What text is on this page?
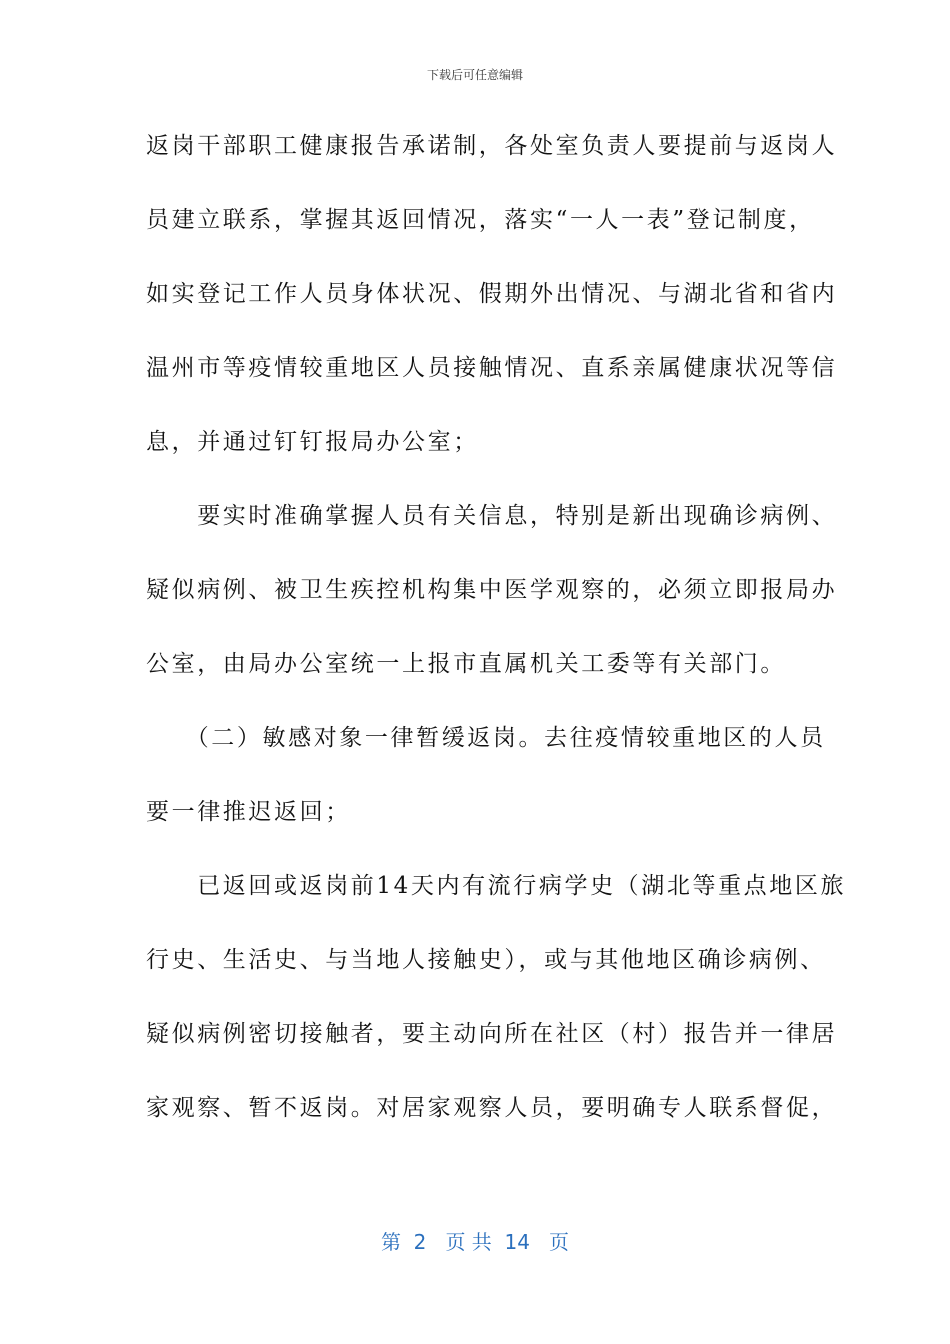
下载后可任意编辑
返岗干部职工健康报告承诺制，各处室负责人要提前与返岗人
员建立联系，掌握其返回情况，落实“一人一表”登记制度，
如实登记工作人员身体状况、假期外出情况、与湖北省和省内
温州市等疫情较重地区人员接触情况、直系亲属健康状况等信
息，并通过钉钉报局办公室；
　　要实时准确掌握人员有关信息，特别是新出现确诊病例、
疑似病例、被卫生疾控机构集中医学观察的，必须立即报局办
公室，由局办公室统一上报市直属机关工委等有关部门。
　　（二）敏感对象一律暂缓返岗。去往疫情较重地区的人员
要一律推迟返回；
　　已返回或返岗前14天内有流行病学史（湖北等重点地区旅
行史、生活史、与当地人接触史），或与其他地区确诊病例、
疑似病例密切接触者，要主动向所在社区（村）报告并一律居
家观察、暂不返岗。对居家观察人员，要明确专人联系督促，
第  2   页 共  14   页
